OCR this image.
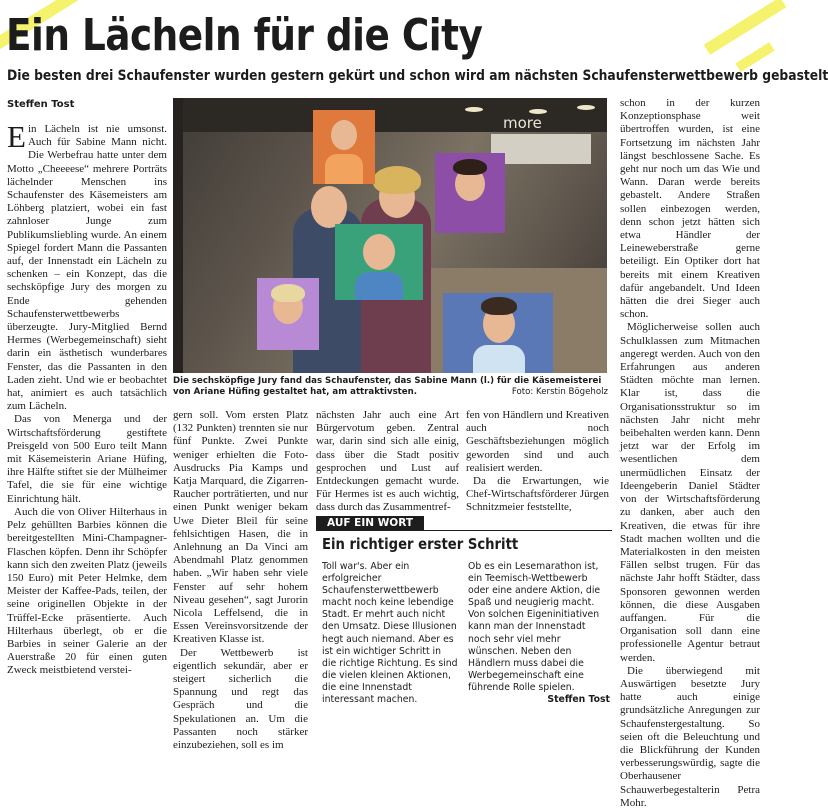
Ein Lächeln für die City
Die besten drei Schaufenster wurden gestern gekürt und schon wird am nächsten Schaufensterwettbewerb gebastelt
Steffen Tost

Ein Lächeln ist nie umsonst. Auch für Sabine Mann nicht. Die Werbefrau hatte unter dem Motto „Cheeeese“ mehrere Porträts lächelnder Menschen ins Schaufenster des Käsemeisters am Löhberg platziert, wobei ein fast zahnloser Junge zum Publikumsliebling wurde. An einem Spiegel fordert Mann die Passanten auf, der Innenstadt ein Lächeln zu schenken – ein Konzept, das die sechsköpfige Jury des morgen zu Ende gehenden Schaufensterwettbewerbs überzeugte. Jury-Mitglied Bernd Hermes (Werbegemeinschaft) sieht darin ein ästhetisch wunderbares Fenster, das die Passanten in den Laden zieht. Und wie er beobachtet hat, animiert es auch tatsächlich zum Lächeln.

Das von Menerga und der Wirtschaftsförderung gestiftete Preisgeld von 500 Euro teilt Mann mit Käsemeisterin Ariane Hüfing, ihre Hälfte stiftet sie der Mülheimer Tafel, die sie für eine wichtige Einrichtung hält.

Auch die von Oliver Hilterhaus in Pelz gehüllten Barbies können die bereitgestellten Mini-Champagner-Flaschen köpfen. Denn ihr Schöpfer kann sich den zweiten Platz (jeweils 150 Euro) mit Peter Helmke, dem Meister der Kaffee-Pads, teilen, der seine originellen Objekte in der Trüffel-Ecke präsentierte. Auch Hilterhaus überlegt, ob er die Barbies in seiner Galerie an der Auerstraße 20 für einen guten Zweck meistbietend verstei-

more
Die sechsköpfige Jury fand das Schaufenster, das Sabine Mann (l.) für die Käsemeisterei von Ariane Hüfing gestaltet hat, am attraktivsten.	Foto: Kerstin Bögeholz

gern soll. Vom ersten Platz (132 Punkten) trennten sie nur fünf Punkte. Zwei Punkte weniger erhielten die Foto-Ausdrucks Pia Kamps und Katja Marquard, die Zigarren-Raucher porträtierten, und nur einen Punkt weniger bekam Uwe Dieter Bleil für seine fehlsichtigen Hasen, die in Anlehnung an Da Vinci am Abendmahl Platz genommen haben. „Wir haben sehr viele Fenster auf sehr hohem Niveau gesehen“, sagt Jurorin Nicola Leffelsend, die in Essen Vereinsvorsitzende der Kreativen Klasse ist.

Der Wettbewerb ist eigentlich sekundär, aber er steigert sicherlich die Spannung und regt das Gespräch und die Spekulationen an. Um die Passanten noch stärker einzubeziehen, soll es im

nächsten Jahr auch eine Art Bürgervotum geben. Zentral war, darin sind sich alle einig, dass über die Stadt positiv gesprochen und Lust auf Entdeckungen gemacht wurde. Für Hermes ist es auch wichtig, dass durch das Zusammentref-

fen von Händlern und Kreativen auch noch Geschäftsbeziehungen möglich geworden sind und auch realisiert werden.

Da die Erwartungen, wie Chef-Wirtschaftsförderer Jürgen Schnitzmeier feststellte,

AUF EIN WORT
Ein richtiger erster Schritt

Toll war's. Aber ein erfolgreicher Schaufensterwettbewerb macht noch keine lebendige Stadt. Er mehrt auch nicht den Umsatz. Diese Illusionen hegt auch niemand. Aber es ist ein wichtiger Schritt in die richtige Richtung. Es sind die vielen kleinen Aktionen, die eine Innenstadt interessant machen.

Ob es ein Lesemarathon ist, ein Teemisch-Wettbewerb oder eine andere Aktion, die Spaß und neugierig macht. Von solchen Eigeninitiativen kann man der Innenstadt noch sehr viel mehr wünschen. Neben den Händlern muss dabei die Werbegemeinschaft eine führende Rolle spielen.
Steffen Tost

schon in der kurzen Konzeptionsphase weit übertroffen wurden, ist eine Fortsetzung im nächsten Jahr längst beschlossene Sache. Es geht nur noch um das Wie und Wann. Daran werde bereits gebastelt. Andere Straßen sollen einbezogen werden, denn schon jetzt hätten sich etwa Händler der Leineweberstraße gerne beteiligt. Ein Optiker dort hat bereits mit einem Kreativen dafür angebandelt. Und Ideen hätten die drei Sieger auch schon.

Möglicherweise sollen auch Schulklassen zum Mitmachen angeregt werden. Auch von den Erfahrungen aus anderen Städten möchte man lernen. Klar ist, dass die Organisationsstruktur so im nächsten Jahr nicht mehr beibehalten werden kann. Denn jetzt war der Erfolg im wesentlichen dem unermüdlichen Einsatz der Ideengeberin Daniel Städter von der Wirtschaftsförderung zu danken, aber auch den Kreativen, die etwas für ihre Stadt machen wollten und die Materialkosten in den meisten Fällen selbst trugen. Für das nächste Jahr hofft Städter, dass Sponsoren gewonnen werden können, die diese Ausgaben auffangen. Für die Organisation soll dann eine professionelle Agentur betraut werden.

Die überwiegend mit Auswärtigen besetzte Jury hatte auch einige grundsätzliche Anregungen zur Schaufenstergestaltung. So seien oft die Beleuchtung und die Blickführung der Kunden verbesserungswürdig, sagte die Oberhausener Schauwerbegestalterin Petra Mohr.
